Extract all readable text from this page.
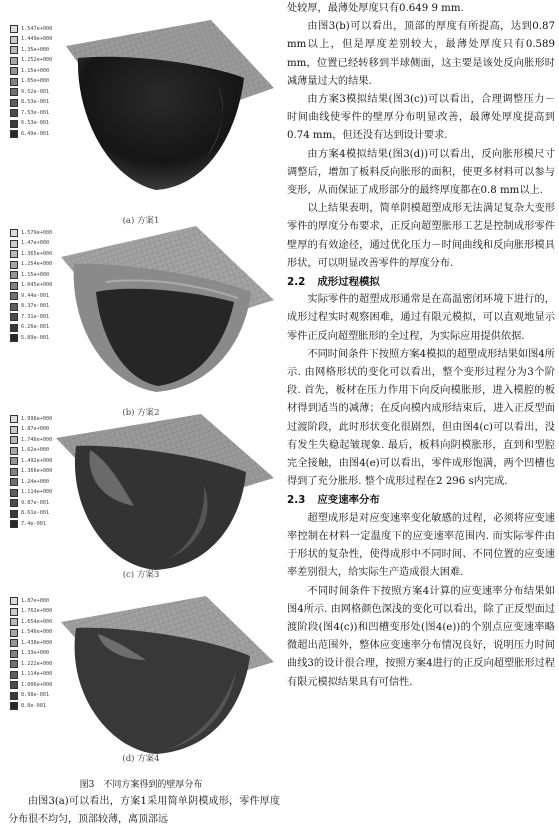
1.547e+000
1.449e+000
1.35e+000
1.252e+000
1.15e+000
1.05e+000
9.52e-001
8.53e-001
7.53e-001
6.53e-001
6.49e-001
(a) 方案1
1.579e+000
1.47e+000
1.365e+000
1.254e+000
1.15e+000
1.045e+000
9.44e-001
8.37e-001
7.31e-001
6.26e-001
5.89e-001
(b) 方案2
1.996e+000
1.87e+000
1.746e+000
1.62e+000
1.492e+000
1.366e+000
1.24e+000
1.114e+000
9.87e-001
8.61e-001
7.4e-001
(c) 方案3
1.87e+000
1.762e+000
1.654e+000
1.546e+000
1.438e+000
1.33e+000
1.222e+000
1.114e+000
1.006e+000
8.98e-001
8.0e-001
(d) 方案4
图3　不同方案得到的壁厚分布
由图3(a)可以看出，方案1采用简单阴模成形，零件厚度分布很不均匀，顶部较薄，离顶部远

处较厚，最薄处厚度只有0.649 9 mm.

由图3(b)可以看出，顶部的厚度有所提高，达到0.87 mm以上，但是厚度差别较大，最薄处厚度只有0.589 mm，位置已经转移到半球侧面，这主要是该处反向胀形时减薄量过大的结果.

由方案3模拟结果(图3(c))可以看出，合理调整压力－时间曲线使零件的壁厚分布明显改善，最薄处厚度提高到0.74 mm，但还没有达到设计要求.

由方案4模拟结果(图3(d))可以看出，反向胀形模尺寸调整后，增加了板料反向胀形的面积，使更多材料可以参与变形，从而保证了成形部分的最终厚度都在0.8 mm以上.

以上结果表明，简单阴模超塑成形无法满足复杂大变形零件的厚度分布要求，正反向超塑胀形工艺是控制成形零件壁厚的有效途径，通过优化压力－时间曲线和反向胀形模具形状，可以明显改善零件的厚度分布.

2.2 成形过程模拟

实际零件的超塑成形通常是在高温密闭环境下进行的，成形过程实时观察困难，通过有限元模拟，可以直观地显示零件正反向超塑胀形的全过程，为实际应用提供依据.

不同时间条件下按照方案4模拟的超塑成形结果如图4所示. 由网格形状的变化可以看出，整个变形过程分为3个阶段. 首先，板材在压力作用下向反向模胀形，进入模腔的板材得到适当的减薄；在反向模内成形结束后，进入正反型面过渡阶段，此时形状变化很剧烈，但由图4(c)可以看出，没有发生失稳起皱现象. 最后，板料向阴模胀形，直到和型腔完全接触，由图4(e)可以看出，零件成形饱满，两个凹槽也得到了充分胀形. 整个成形过程在2 296 s内完成.

2.3 应变速率分布

超塑成形是对应变速率变化敏感的过程，必须将应变速率控制在材料一定温度下的应变速率范围内. 而实际零件由于形状的复杂性，使得成形中不同时间、不同位置的应变速率差别很大，给实际生产造成很大困难.

不同时间条件下按照方案4计算的应变速率分布结果如图4所示. 由网格颜色深浅的变化可以看出，除了正反型面过渡阶段(图4(c))和凹槽变形处(图4(e))的个别点应变速率略微超出范围外，整体应变速率分布情况良好，说明压力时间曲线3的设计很合理，按照方案4进行的正反向超塑胀形过程有限元模拟结果具有可信性.
